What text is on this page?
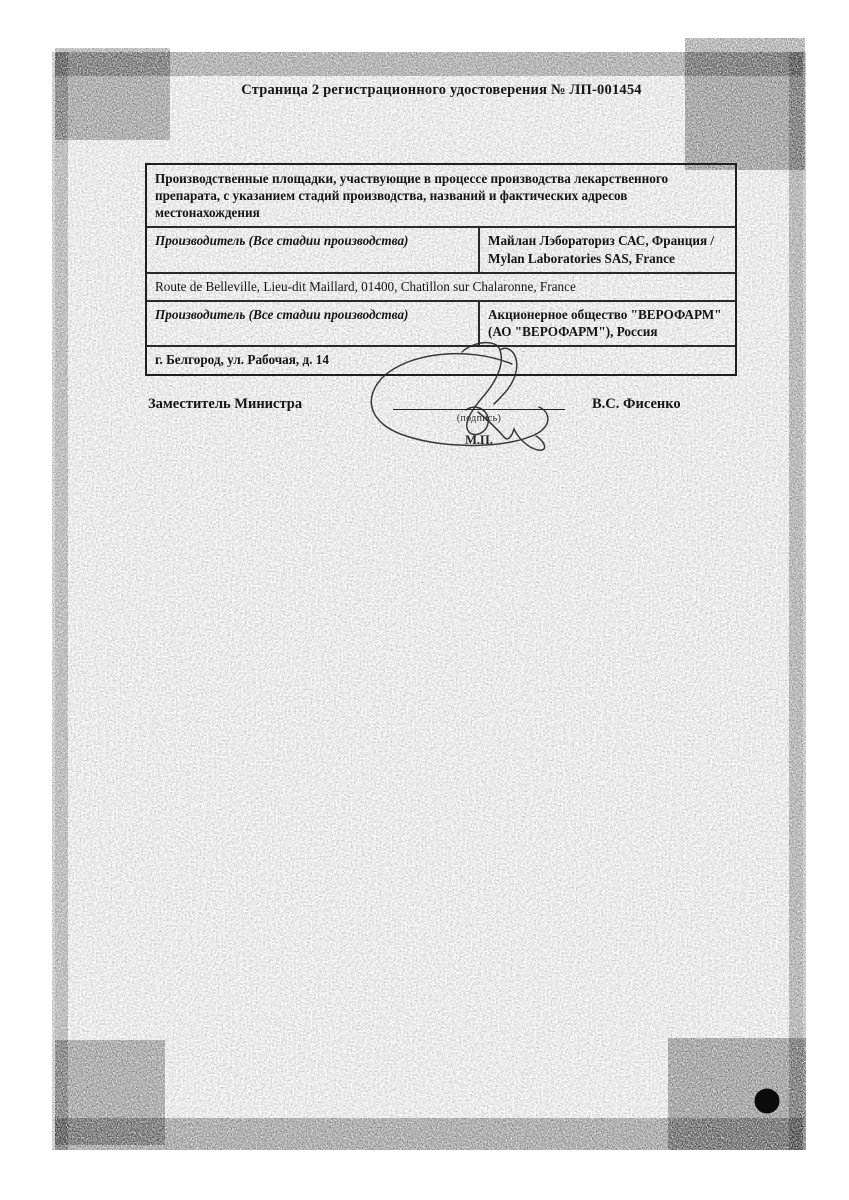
Страница 2 регистрационного удостоверения № ЛП-001454
Производственные площадки, участвующие в процессе производства лекарственного препарата, с указанием стадий производства, названий и фактических адресов местонахождения
Производитель (Все стадии производства)	Майлан Лэбораториз САС, Франция / Mylan Laboratories SAS, France
Route de Belleville, Lieu-dit Maillard, 01400, Chatillon sur Chalaronne, France
Производитель (Все стадии производства)	Акционерное общество "ВЕРОФАРМ" (АО "ВЕРОФАРМ"), Россия
г. Белгород, ул. Рабочая, д. 14
Заместитель Министра
(подпись)
М.П.
В.С. Фисенко
